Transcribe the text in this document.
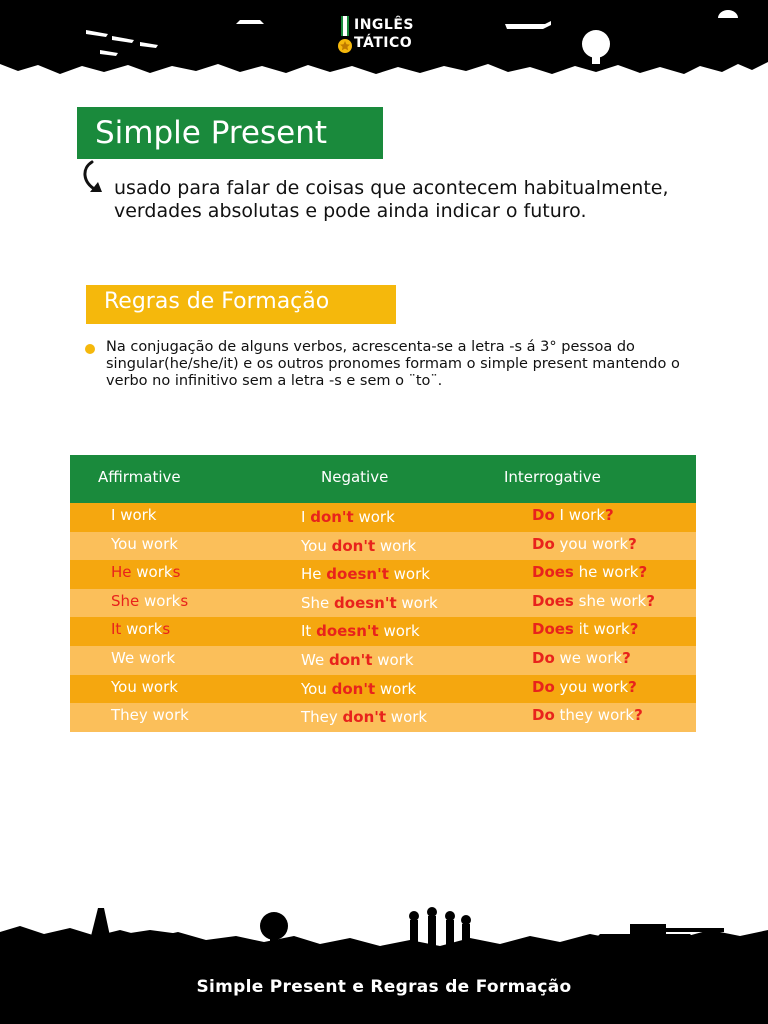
INGLÊS
TÁTICO
Simple Present
usado para falar de coisas que acontecem habitualmente, verdades absolutas e pode ainda indicar o futuro.
Regras de Formação
Na conjugação de alguns verbos, acrescenta-se a letra -s á 3° pessoa do singular(he/she/it) e os outros pronomes formam o simple present mantendo o verbo no infinitivo sem a letra -s e sem o ¨to¨.
Affirmative	Negative	Interrogative
I work	I don't work	Do I work?
You work	You don't work	Do you work?
He works	He doesn't work	Does he work?
She works	She doesn't work	Does she work?
It works	It doesn't work	Does it work?
We work	We don't work	Do we work?
You work	You don't work	Do you work?
They work	They don't work	Do they work?
Simple Present e Regras de Formação
